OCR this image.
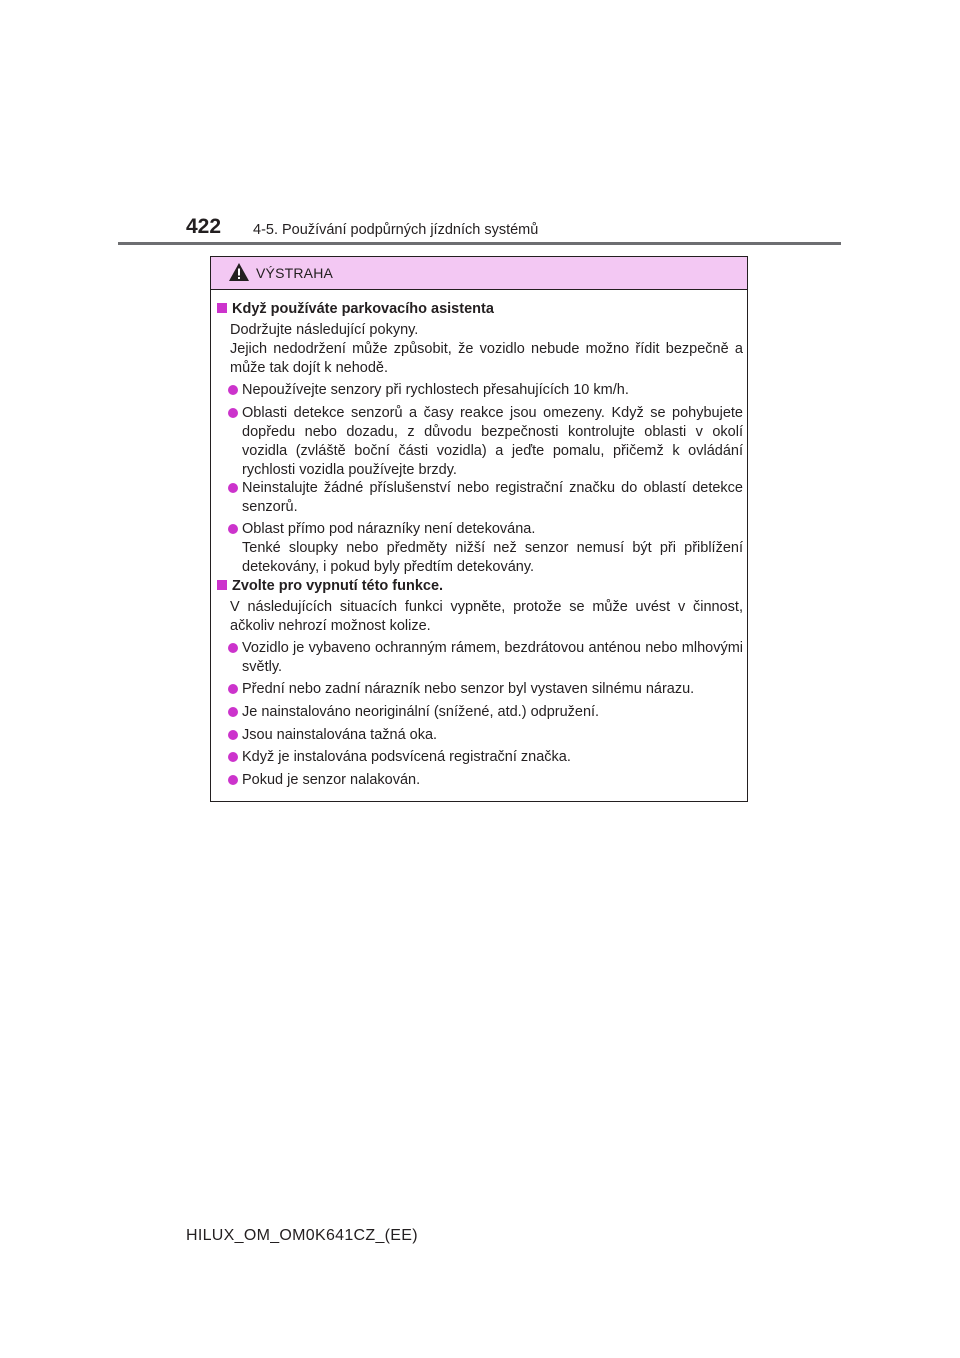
422 4-5. Používání podpůrných jízdních systémů
VÝSTRAHA
Když používáte parkovacího asistenta
Dodržujte následující pokyny.
Jejich nedodržení může způsobit, že vozidlo nebude možno řídit bezpečně a může tak dojít k nehodě.
Nepoužívejte senzory při rychlostech přesahujících 10 km/h.
Oblasti detekce senzorů a časy reakce jsou omezeny. Když se pohybujete dopředu nebo dozadu, z důvodu bezpečnosti kontrolujte oblasti v okolí vozidla (zvláště boční části vozidla) a jeďte pomalu, přičemž k ovládání rychlosti vozidla používejte brzdy.
Neinstalujte žádné příslušenství nebo registrační značku do oblastí detekce senzorů.
Oblast přímo pod nárazníky není detekována.
Tenké sloupky nebo předměty nižší než senzor nemusí být při přiblížení detekovány, i pokud byly předtím detekovány.
Zvolte pro vypnutí této funkce.
V následujících situacích funkci vypněte, protože se může uvést v činnost, ačkoliv nehrozí možnost kolize.
Vozidlo je vybaveno ochranným rámem, bezdrátovou anténou nebo mlhovými světly.
Přední nebo zadní nárazník nebo senzor byl vystaven silnému nárazu.
Je nainstalováno neoriginální (snížené, atd.) odpružení.
Jsou nainstalována tažná oka.
Když je instalována podsvícená registrační značka.
Pokud je senzor nalakován.
HILUX_OM_OM0K641CZ_(EE)
